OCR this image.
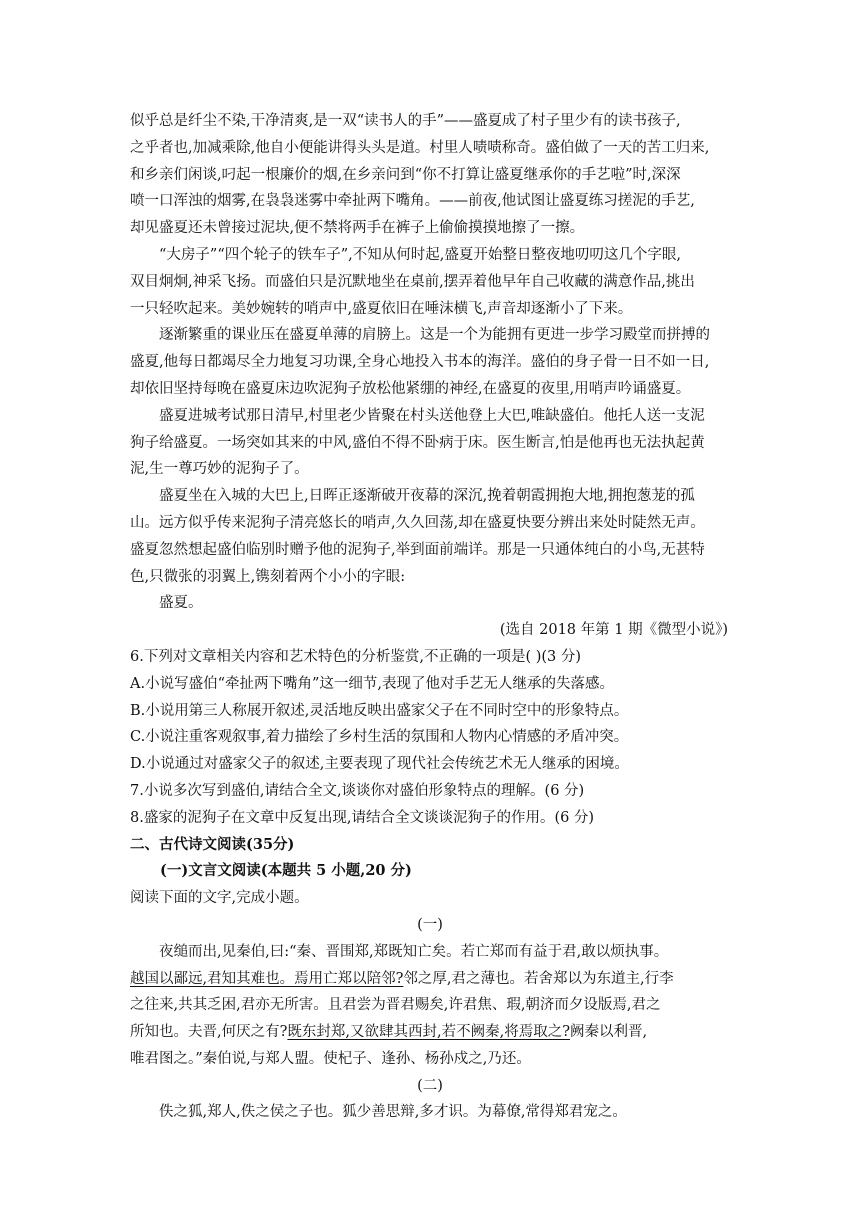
似乎总是纤尘不染,干净清爽,是一双“读书人的手”——盛夏成了村子里少有的读书孩子,
之乎者也,加减乘除,他自小便能讲得头头是道。村里人啧啧称奇。盛伯做了一天的苦工归来,
和乡亲们闲谈,叼起一根廉价的烟,在乡亲问到“你不打算让盛夏继承你的手艺啦”时,深深
喷一口浑浊的烟雾,在袅袅迷雾中牵扯两下嘴角。——前夜,他试图让盛夏练习搓泥的手艺,
却见盛夏还未曾接过泥块,便不禁将两手在裤子上偷偷摸摸地擦了一擦。
“大房子”“四个轮子的铁车子”,不知从何时起,盛夏开始整日整夜地叨叨这几个字眼,
双目炯炯,神采飞扬。而盛伯只是沉默地坐在桌前,摆弄着他早年自己收藏的满意作品,挑出
一只轻吹起来。美妙婉转的哨声中,盛夏依旧在唾沫横飞,声音却逐渐小了下来。
逐渐繁重的课业压在盛夏单薄的肩膀上。这是一个为能拥有更进一步学习殿堂而拼搏的
盛夏,他每日都竭尽全力地复习功课,全身心地投入书本的海洋。盛伯的身子骨一日不如一日,
却依旧坚持每晚在盛夏床边吹泥狗子放松他紧绷的神经,在盛夏的夜里,用哨声吟诵盛夏。
盛夏进城考试那日清早,村里老少皆聚在村头送他登上大巴,唯缺盛伯。他托人送一支泥
狗子给盛夏。一场突如其来的中风,盛伯不得不卧病于床。医生断言,怕是他再也无法执起黄
泥,生一尊巧妙的泥狗子了。
盛夏坐在入城的大巴上,日晖正逐渐破开夜幕的深沉,挽着朝霞拥抱大地,拥抱葱茏的孤
山。远方似乎传来泥狗子清亮悠长的哨声,久久回荡,却在盛夏快要分辨出来处时陡然无声。
盛夏忽然想起盛伯临别时赠予他的泥狗子,举到面前端详。那是一只通体纯白的小鸟,无甚特
色,只微张的羽翼上,镌刻着两个小小的字眼:
盛夏。
(选自 2018 年第 1 期《微型小说》)
6.下列对文章相关内容和艺术特色的分析鉴赏,不正确的一项是( )(3 分)
A.小说写盛伯“牵扯两下嘴角”这一细节,表现了他对手艺无人继承的失落感。
B.小说用第三人称展开叙述,灵活地反映出盛家父子在不同时空中的形象特点。
C.小说注重客观叙事,着力描绘了乡村生活的氛围和人物内心情感的矛盾冲突。
D.小说通过对盛家父子的叙述,主要表现了现代社会传统艺术无人继承的困境。
7.小说多次写到盛伯,请结合全文,谈谈你对盛伯形象特点的理解。(6 分)
8.盛家的泥狗子在文章中反复出现,请结合全文谈谈泥狗子的作用。(6 分)
二、古代诗文阅读(35分)
(一)文言文阅读(本题共 5 小题,20 分)
阅读下面的文字,完成小题。
(一)
夜缒而出,见秦伯,曰:“秦、晋围郑,郑既知亡矣。若亡郑而有益于君,敢以烦执事。
越国以鄙远,君知其难也。焉用亡郑以陪邻?邻之厚,君之薄也。若舍郑以为东道主,行李
之往来,共其乏困,君亦无所害。且君尝为晋君赐矣,许君焦、瑕,朝济而夕设版焉,君之
所知也。夫晋,何厌之有?既东封郑,又欲肆其西封,若不阙秦,将焉取之?阙秦以利晋,
唯君图之。”秦伯说,与郑人盟。使杞子、逢孙、杨孙戍之,乃还。
(二)
佚之狐,郑人,佚之侯之子也。狐少善思辩,多才识。为幕僚,常得郑君宠之。
